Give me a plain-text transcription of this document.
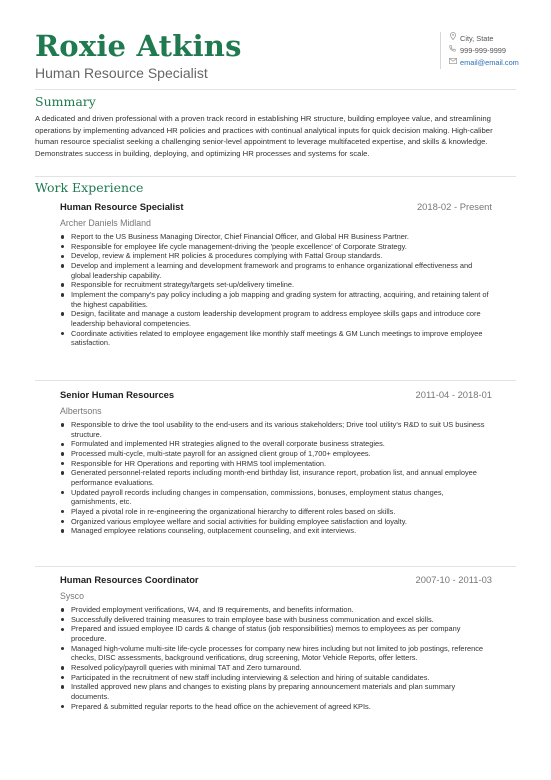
Roxie Atkins
Human Resource Specialist
City, State
999-999-9999
email@email.com
Summary
A dedicated and driven professional with a proven track record in establishing HR structure, building employee value, and streamlining operations by implementing advanced HR policies and practices with continual analytical inputs for quick decision making. High-caliber human resource specialist seeking a challenging senior-level appointment to leverage multifaceted expertise, and skills & knowledge. Demonstrates success in building, deploying, and optimizing HR processes and systems for scale.
Work Experience
Human Resource Specialist	2018-02 - Present
Archer Daniels Midland
Report to the US Business Managing Director, Chief Financial Officer, and Global HR Business Partner.
Responsible for employee life cycle management-driving the 'people excellence' of Corporate Strategy.
Develop, review & implement HR policies & procedures complying with Fattal Group standards.
Develop and implement a learning and development framework and programs to enhance organizational effectiveness and global leadership capability.
Responsible for recruitment strategy/targets set-up/delivery timeline.
Implement the company's pay policy including a job mapping and grading system for attracting, acquiring, and retaining talent of the highest capabilities.
Design, facilitate and manage a custom leadership development program to address employee skills gaps and introduce core leadership behavioral competencies.
Coordinate activities related to employee engagement like monthly staff meetings & GM Lunch meetings to improve employee satisfaction.
Senior Human Resources	2011-04 - 2018-01
Albertsons
Responsible to drive the tool usability to the end-users and its various stakeholders; Drive tool utility's R&D to suit US business structure.
Formulated and implemented HR strategies aligned to the overall corporate business strategies.
Processed multi-cycle, multi-state payroll for an assigned client group of 1,700+ employees.
Responsible for HR Operations and reporting with HRMS tool implementation.
Generated personnel-related reports including month-end birthday list, insurance report, probation list, and annual employee performance evaluations.
Updated payroll records including changes in compensation, commissions, bonuses, employment status changes, garnishments, etc.
Played a pivotal role in re-engineering the organizational hierarchy to different roles based on skills.
Organized various employee welfare and social activities for building employee satisfaction and loyalty.
Managed employee relations counseling, outplacement counseling, and exit interviews.
Human Resources Coordinator	2007-10 - 2011-03
Sysco
Provided employment verifications, W4, and I9 requirements, and benefits information.
Successfully delivered training measures to train employee base with business communication and excel skills.
Prepared and issued employee ID cards & change of status (job responsibilities) memos to employees as per company procedure.
Managed high-volume multi-site life-cycle processes for company new hires including but not limited to job postings, reference checks, DISC assessments, background verifications, drug screening, Motor Vehicle Reports, offer letters.
Resolved policy/payroll queries with minimal TAT and Zero turnaround.
Participated in the recruitment of new staff including interviewing & selection and hiring of suitable candidates.
Installed approved new plans and changes to existing plans by preparing announcement materials and plan summary documents.
Prepared & submitted regular reports to the head office on the achievement of agreed KPIs.
